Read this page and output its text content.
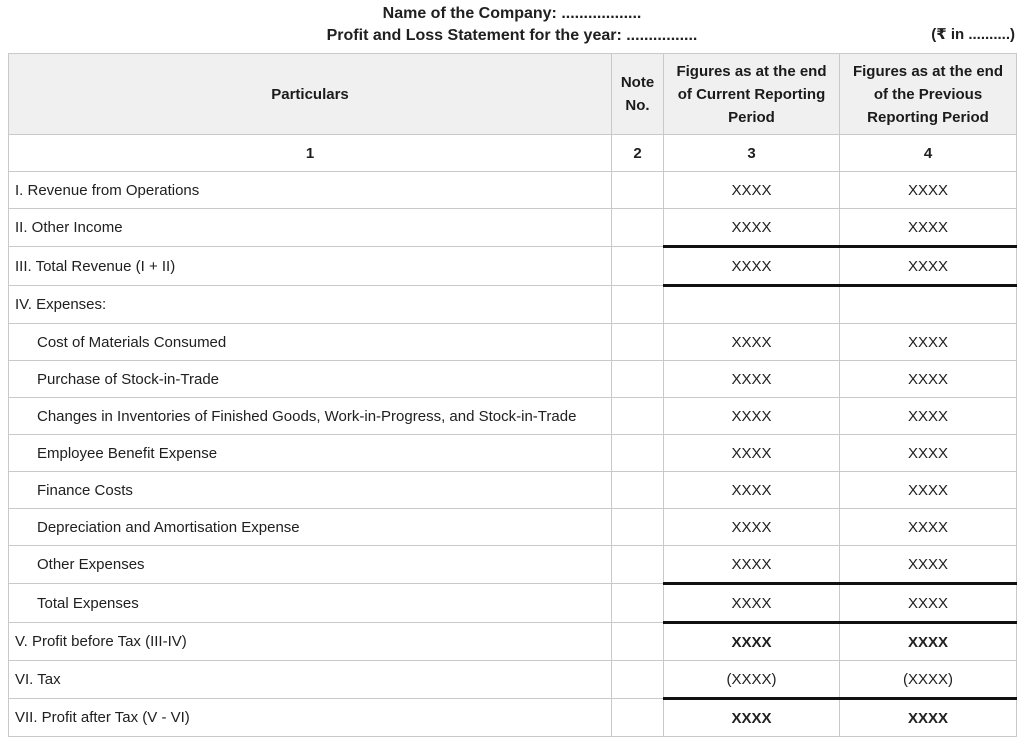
Name of the Company: ..................
Profit and Loss Statement for the year: ................	(₹ in ..........)
Particulars	Note No.	Figures as at the end of Current Reporting Period	Figures as at the end of the Previous Reporting Period
1	2	3	4
I. Revenue from Operations		XXXX	XXXX
II. Other Income		XXXX	XXXX
III. Total Revenue (I + II)		XXXX	XXXX
IV. Expenses:			
Cost of Materials Consumed		XXXX	XXXX
Purchase of Stock-in-Trade		XXXX	XXXX
Changes in Inventories of Finished Goods, Work-in-Progress, and Stock-in-Trade		XXXX	XXXX
Employee Benefit Expense		XXXX	XXXX
Finance Costs		XXXX	XXXX
Depreciation and Amortisation Expense		XXXX	XXXX
Other Expenses		XXXX	XXXX
Total Expenses		XXXX	XXXX
V. Profit before Tax (III-IV)		XXXX	XXXX
VI. Tax		(XXXX)	(XXXX)
VII. Profit after Tax (V - VI)		XXXX	XXXX
